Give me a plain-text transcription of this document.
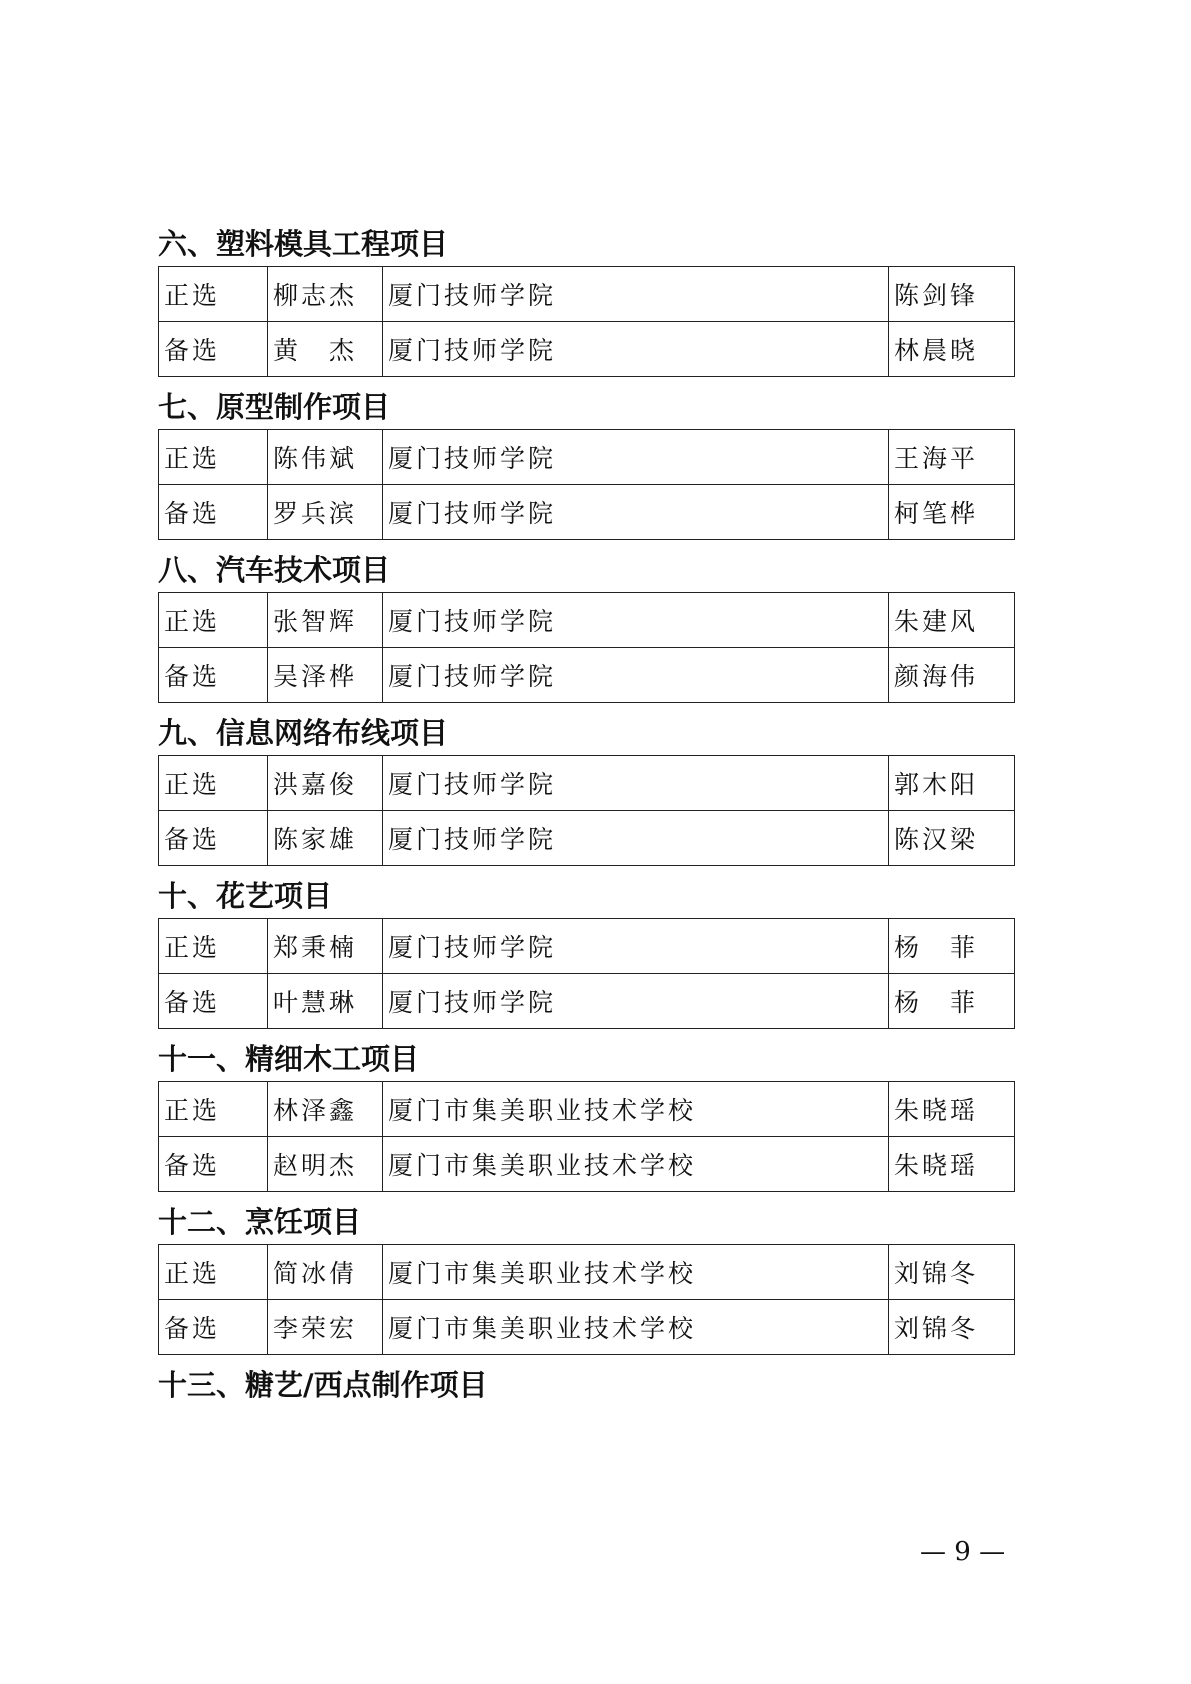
六、塑料模具工程项目
正选	柳志杰	厦门技师学院	陈剑锋
备选	黄　杰	厦门技师学院	林晨晓
七、原型制作项目
正选	陈伟斌	厦门技师学院	王海平
备选	罗兵滨	厦门技师学院	柯笔桦
八、汽车技术项目
正选	张智辉	厦门技师学院	朱建风
备选	吴泽桦	厦门技师学院	颜海伟
九、信息网络布线项目
正选	洪嘉俊	厦门技师学院	郭木阳
备选	陈家雄	厦门技师学院	陈汉梁
十、花艺项目
正选	郑秉楠	厦门技师学院	杨　菲
备选	叶慧琳	厦门技师学院	杨　菲
十一、精细木工项目
正选	林泽鑫	厦门市集美职业技术学校	朱晓瑶
备选	赵明杰	厦门市集美职业技术学校	朱晓瑶
十二、烹饪项目
正选	简冰倩	厦门市集美职业技术学校	刘锦冬
备选	李荣宏	厦门市集美职业技术学校	刘锦冬
十三、糖艺/西点制作项目
— 9 —
